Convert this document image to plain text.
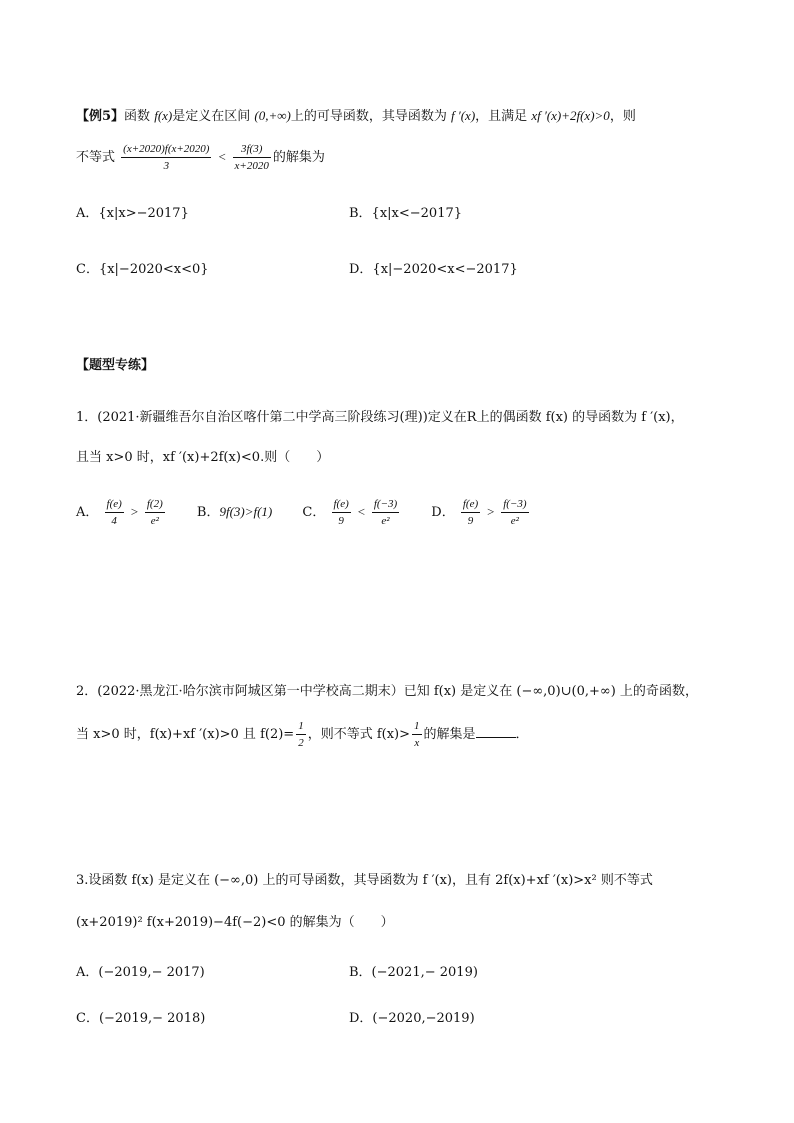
【例5】函数 f(x)是定义在区间 (0,+∞)上的可导函数，其导函数为 f ′(x)，且满足 xf ′(x)+2f(x)>0，则
不等式 $\frac{(x+2020)f(x+2020)}{3} < \frac{3f(3)}{x+2020}$ 的解集为
A．{x|x>−2017}	B．{x|x<−2017}
C．{x|−2020<x<0}	D．{x|−2020<x<−2017}
【题型专练】
1．(2021·新疆维吾尔自治区喀什第二中学高三阶段练习(理))定义在R上的偶函数 f(x) 的导函数为 f ′(x)，
且当 x>0 时，xf ′(x)+2f(x)<0.则（　　）
A． $\frac{f(e)}{4} > \frac{f(2)}{\text{e²}}$ B．9f(3)>f(1) C． $\frac{f(e)}{9} < \frac{f(-3)}{\text{e²}}$ D． $\frac{f(e)}{9} > \frac{f(-3)}{\text{e²}}$
2．(2022·黑龙江·哈尔滨市阿城区第一中学校高二期末）已知 f(x) 是定义在 (−∞,0)∪(0,+∞) 上的奇函数，
当 x>0 时，f(x)+xf ′(x)>0 且 $f(2)= \frac{1}{2}$ ，则不等式 $f(x)> \frac{1}{x}$ 的解集是	．
3.设函数 f(x) 是定义在 (−∞,0) 上的可导函数，其导函数为 f ′(x)，且有 2f(x)+xf ′(x)>x² 则不等式
(x+2019)² f(x+2019)−4f(−2)<0 的解集为（　　）
A．(−2019,− 2017)	B．(−2021,− 2019)
C．(−2019,− 2018)	D．(−2020,−2019)
